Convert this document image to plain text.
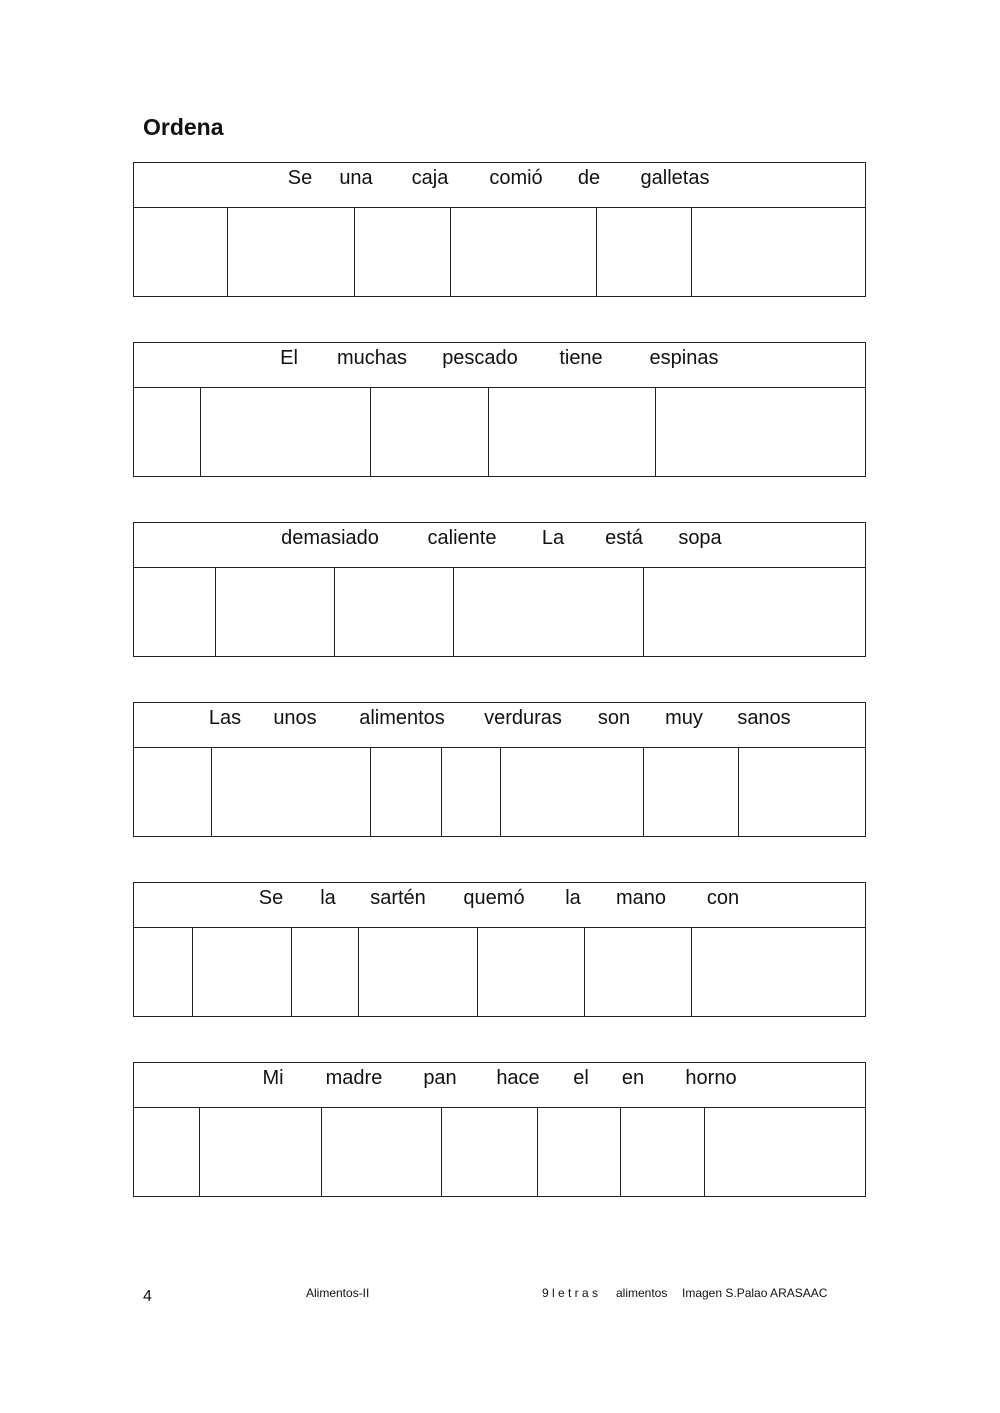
Ordena
Se una caja comió de galletas
El muchas pescado tiene espinas
demasiado caliente La está sopa
Las unos alimentos verduras son muy sanos
Se la sartén quemó la mano con
Mi madre pan hace el en horno
4	Alimentos-II	9 l e t r a s alimentos Imagen S.Palao ARASAAC
